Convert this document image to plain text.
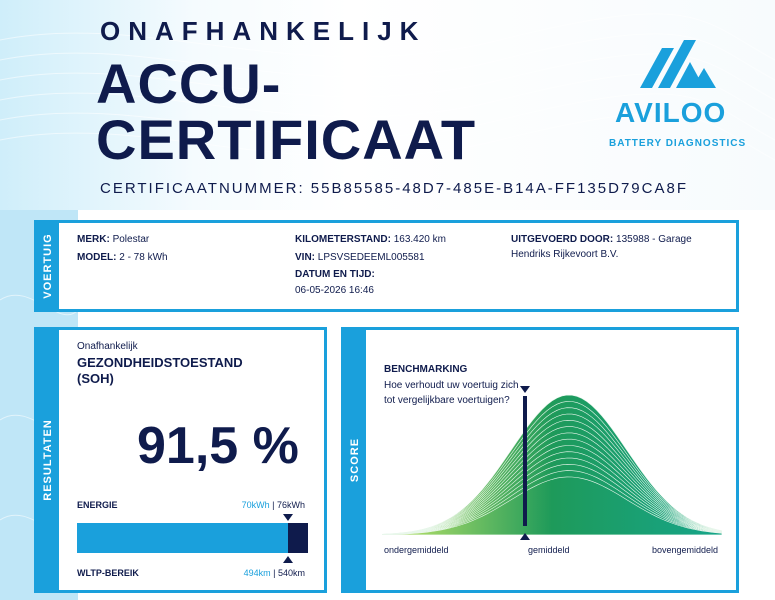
ONAFHANKELIJK
ACCU-
CERTIFICAAT
CERTIFICAATNUMMER: 55B85585-48D7-485E-B14A-FF135D79CA8F
AVILOO
BATTERY DIAGNOSTICS
VOERTUIG MERK: Polestar
MODEL: 2 - 78 kWh
KILOMETERSTAND: 163.420 km
VIN: LPSVSEDEEML005581
DATUM EN TIJD:
06-05-2026 16:46
UITGEVOERD DOOR: 135988 - Garage
Hendriks Rijkevoort B.V.
RESULTATEN
Onafhankelijk
GEZONDHEIDSTOESTAND
(SOH)
91,5 %
ENERGIE	70kWh | 76kWh
WLTP-BEREIK	494km | 540km
SCORE
BENCHMARKING
Hoe verhoudt uw voertuig zich tot vergelijkbare voertuigen?
ondergemiddeld	gemiddeld	bovengemiddeld
